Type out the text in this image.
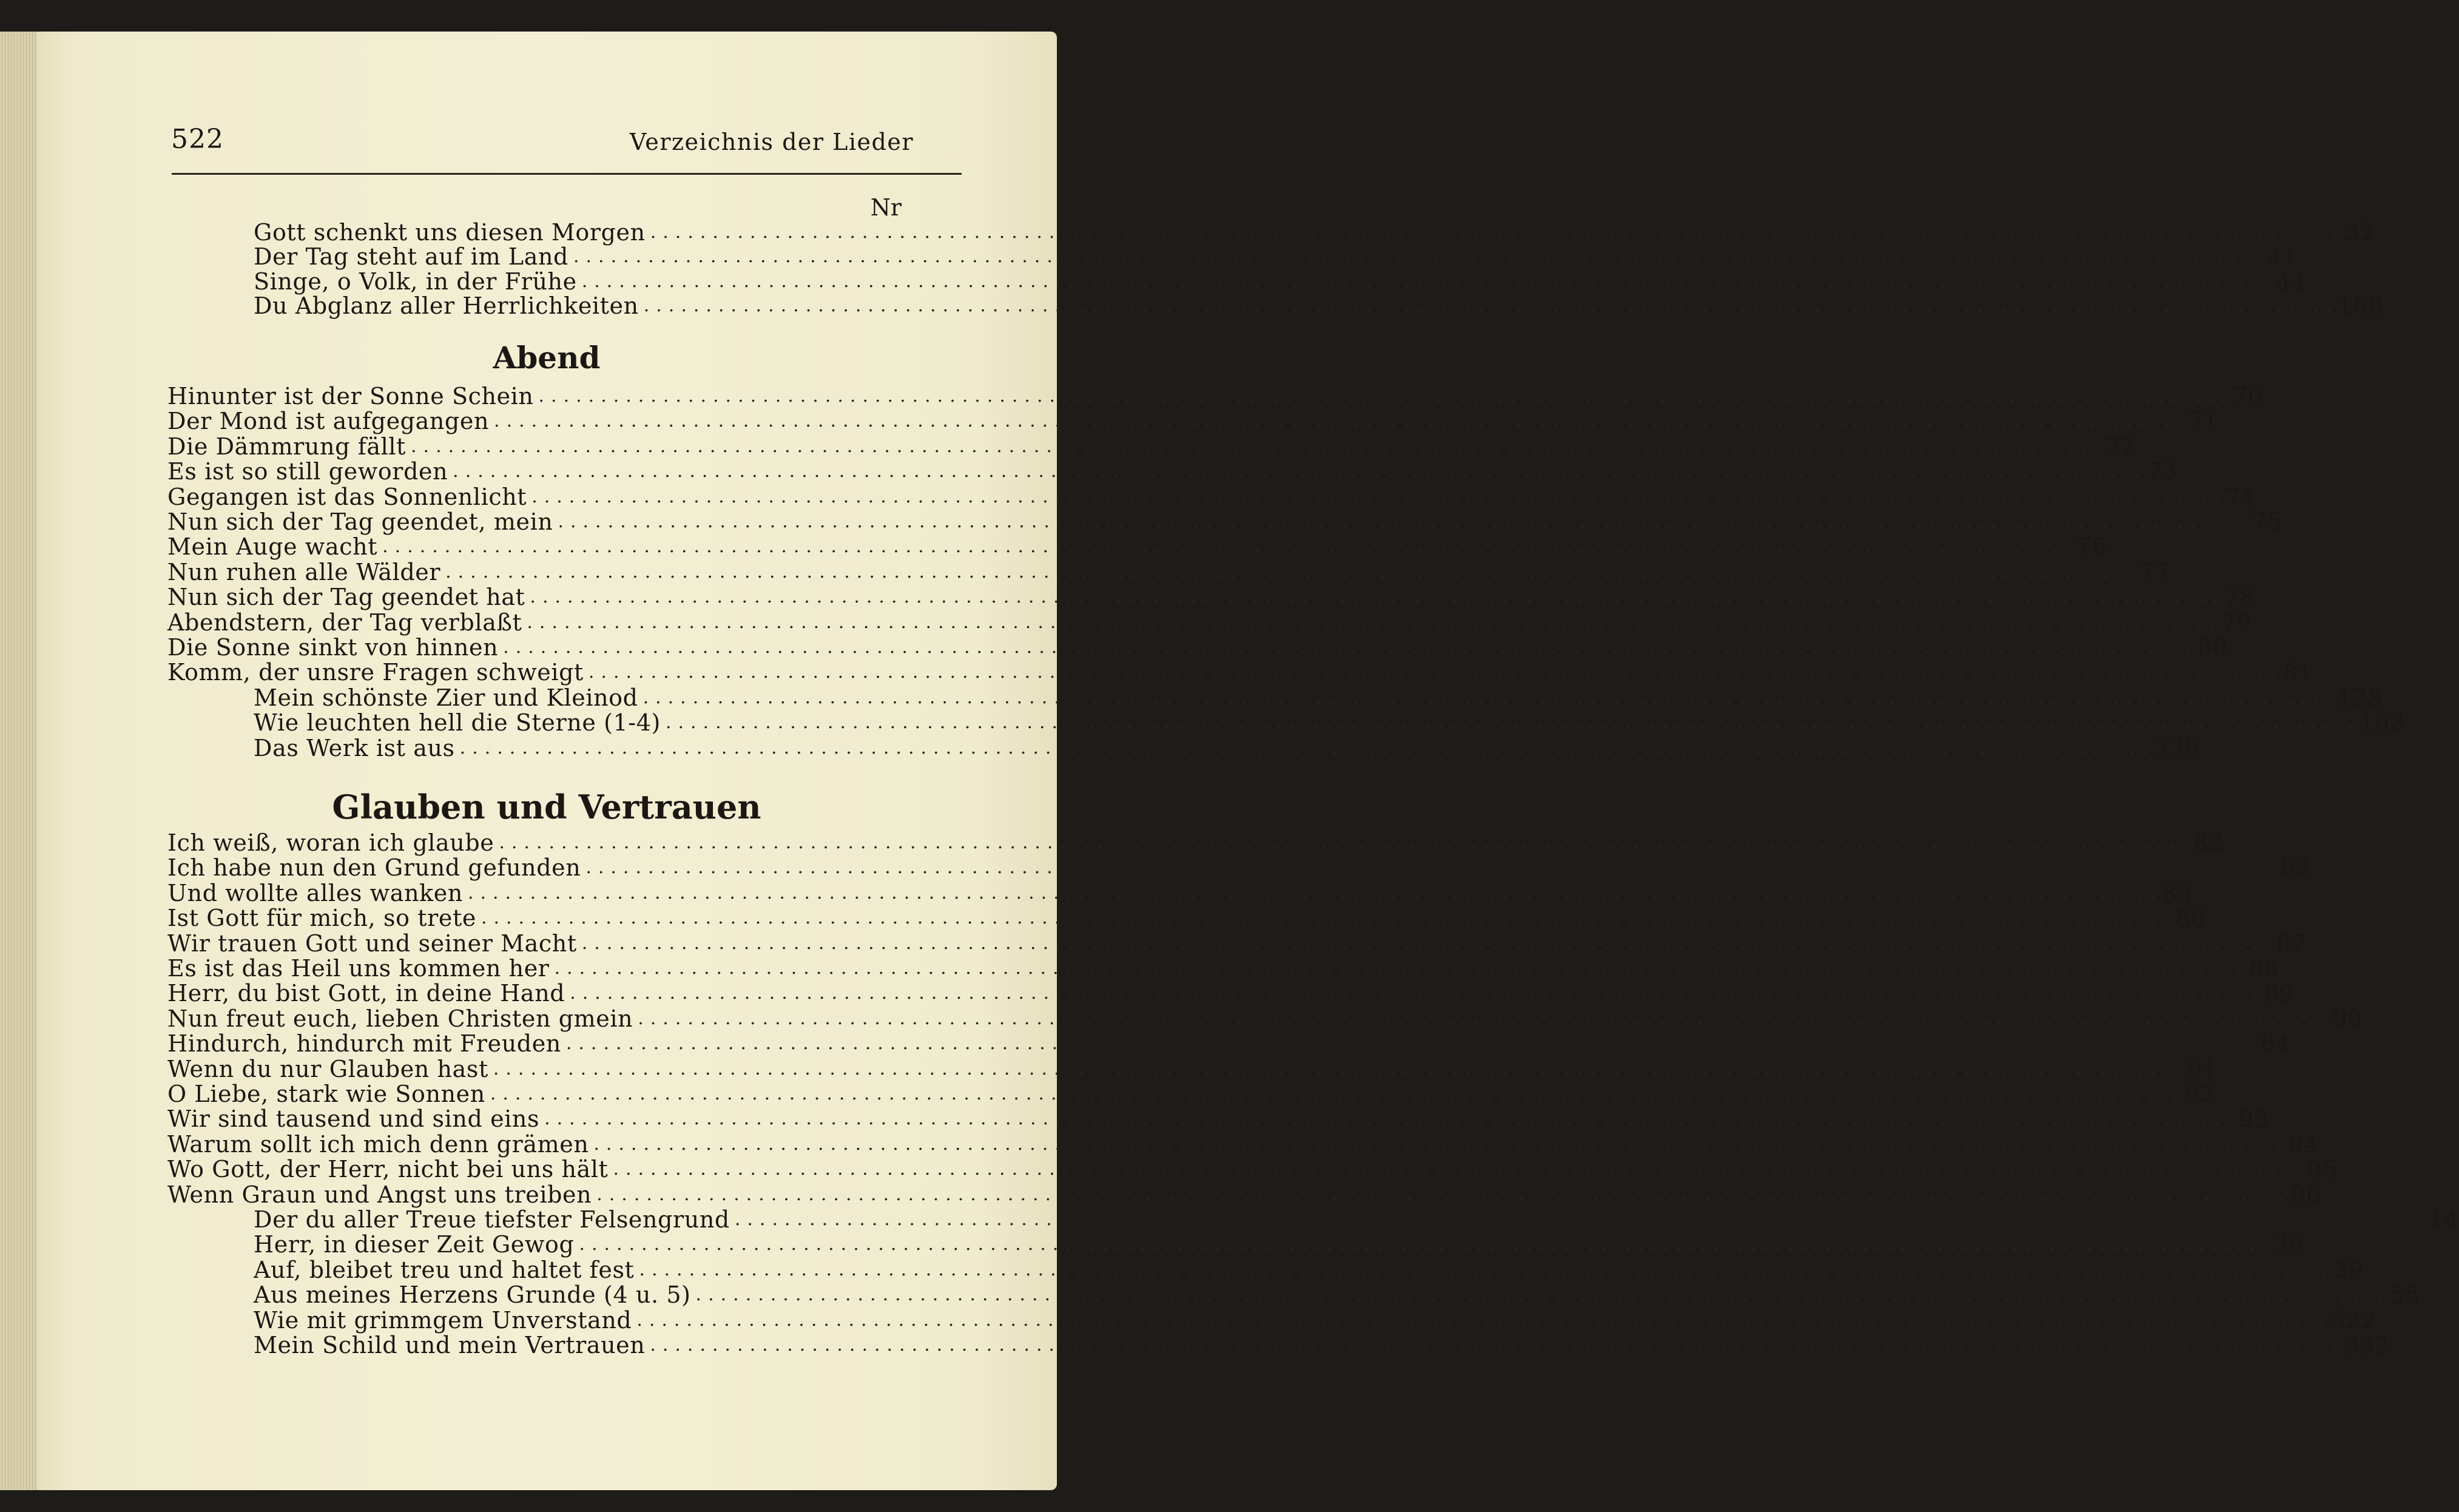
522	Verzeichnis der Lieder
Nr
Abend
Glauben und Vertrauen
Gott schenkt uns diesen Morgen ........................................................................................................................................ 32
Der Tag steht auf im Land ........................................................................................................................................ 41
Singe, o Volk, in der Frühe ........................................................................................................................................ 44
Du Abglanz aller Herrlichkeiten ........................................................................................................................................ 168
Hinunter ist der Sonne Schein ........................................................................................................................................ 70
Der Mond ist aufgegangen ........................................................................................................................................ 71
Die Dämmrung fällt ........................................................................................................................................ 72
Es ist so still geworden ........................................................................................................................................ 73
Gegangen ist das Sonnenlicht ........................................................................................................................................ 74
Nun sich der Tag geendet, mein ........................................................................................................................................ 75
Mein Auge wacht ........................................................................................................................................ 76
Nun ruhen alle Wälder ........................................................................................................................................ 77
Nun sich der Tag geendet hat ........................................................................................................................................ 78
Abendstern, der Tag verblaßt ........................................................................................................................................ 79
Die Sonne sinkt von hinnen ........................................................................................................................................ 80
Komm, der unsre Fragen schweigt ........................................................................................................................................ 81
Mein schönste Zier und Kleinod ........................................................................................................................................ 128
Wie leuchten hell die Sterne (1-4) ........................................................................................................................................ 163
Das Werk ist aus ........................................................................................................................................ 338
Ich weiß, woran ich glaube ........................................................................................................................................ 82
Ich habe nun den Grund gefunden ........................................................................................................................................ 83
Und wollte alles wanken ........................................................................................................................................ 85
Ist Gott für mich, so trete ........................................................................................................................................ 86
Wir trauen Gott und seiner Macht ........................................................................................................................................ 87
Es ist das Heil uns kommen her ........................................................................................................................................ 88
Herr, du bist Gott, in deine Hand ........................................................................................................................................ 89
Nun freut euch, lieben Christen gmein ........................................................................................................................................ 90
Hindurch, hindurch mit Freuden ........................................................................................................................................ 84
Wenn du nur Glauben hast ........................................................................................................................................ 91
O Liebe, stark wie Sonnen ........................................................................................................................................ 92
Wir sind tausend und sind eins ........................................................................................................................................ 93
Warum sollt ich mich denn grämen ........................................................................................................................................ 94
Wo Gott, der Herr, nicht bei uns hält ........................................................................................................................................ 95
Wenn Graun und Angst uns treiben ........................................................................................................................................ 96
Der du aller Treue tiefster Felsengrund ........................................................................................................................................ 14
Herr, in dieser Zeit Gewog ........................................................................................................................................ 36
Auf, bleibet treu und haltet fest ........................................................................................................................................ 39
Aus meines Herzens Grunde (4 u. 5) ........................................................................................................................................ 55
Wie mit grimmgem Unverstand ........................................................................................................................................ 322
Mein Schild und mein Vertrauen ........................................................................................................................................ 332
